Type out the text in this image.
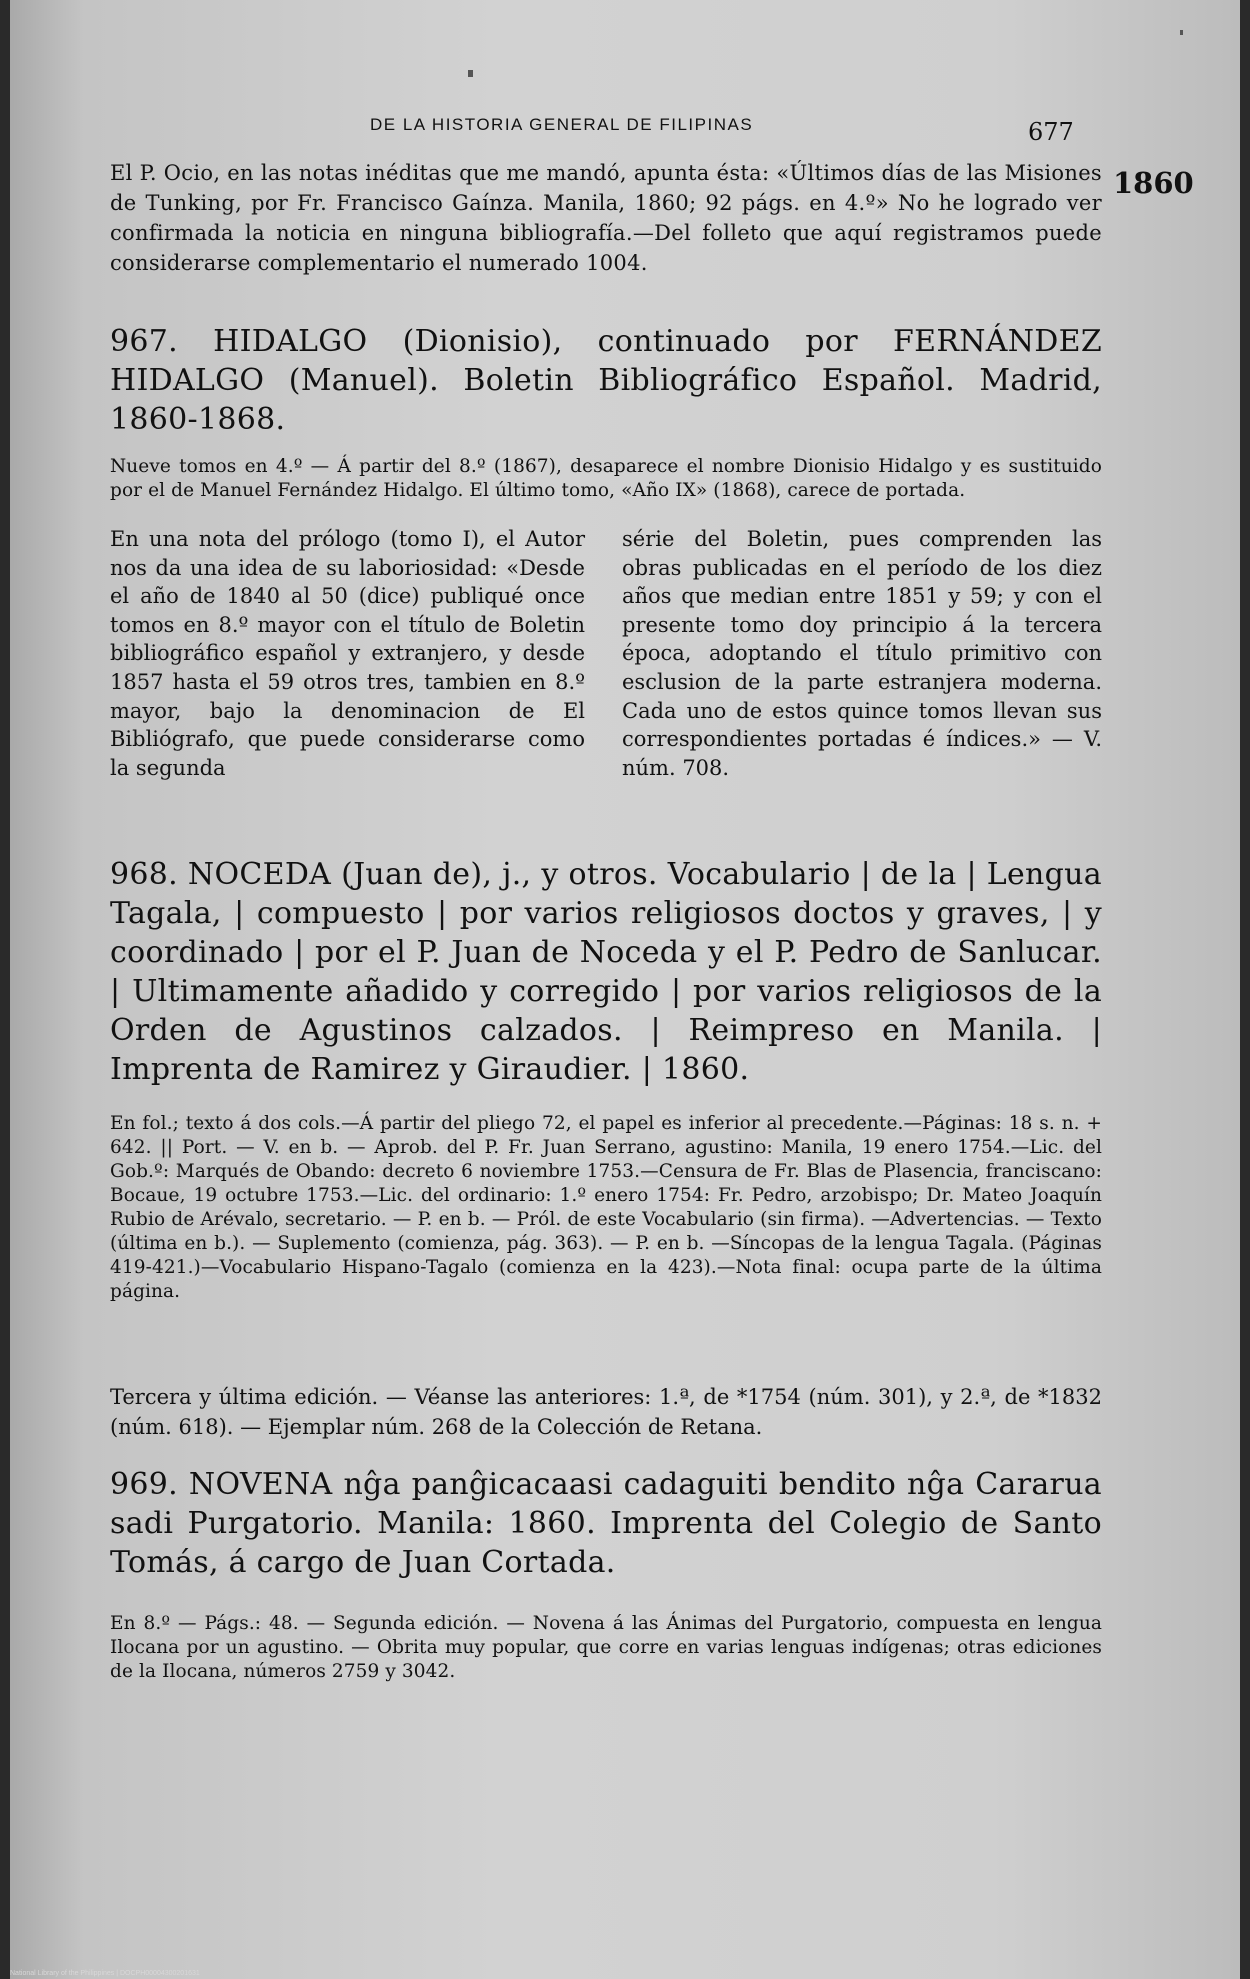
DE LA HISTORIA GENERAL DE FILIPINAS	677
1860

El P. Ocio, en las notas inéditas que me mandó, apunta ésta: «Últimos días de las Misiones de Tunking, por Fr. Francisco Gaínza. Manila, 1860; 92 págs. en 4.º» No he logrado ver confirmada la noticia en ninguna bibliografía.—Del folleto que aquí registramos puede considerarse complementario el numerado 1004.

967. HIDALGO (Dionisio), continuado por FERNÁNDEZ HIDALGO (Manuel). Boletin Bibliográfico Español. Madrid, 1860-1868.

Nueve tomos en 4.º — Á partir del 8.º (1867), desaparece el nombre Dionisio Hidalgo y es sustituido por el de Manuel Fernández Hidalgo. El último tomo, «Año IX» (1868), carece de portada.

En una nota del prólogo (tomo I), el Autor nos da una idea de su laboriosidad: «Desde el año de 1840 al 50 (dice) publiqué once tomos en 8.º mayor con el título de Boletin bibliográfico español y extranjero, y desde 1857 hasta el 59 otros tres, tambien en 8.º mayor, bajo la denominacion de El Bibliógrafo, que puede considerarse como la segunda

série del Boletin, pues comprenden las obras publicadas en el período de los diez años que median entre 1851 y 59; y con el presente tomo doy principio á la tercera época, adoptando el título primitivo con esclusion de la parte estranjera moderna. Cada uno de estos quince tomos llevan sus correspondientes portadas é índices.» — V. núm. 708.

968. NOCEDA (Juan de), j., y otros. Vocabulario | de la | Lengua Tagala, | compuesto | por varios religiosos doctos y graves, | y coordinado | por el P. Juan de Noceda y el P. Pedro de Sanlucar. | Ultimamente añadido y corregido | por varios religiosos de la Orden de Agustinos calzados. | Reimpreso en Manila. | Imprenta de Ramirez y Giraudier. | 1860.

En fol.; texto á dos cols.—Á partir del pliego 72, el papel es inferior al precedente.—Páginas: 18 s. n. + 642. || Port. — V. en b. — Aprob. del P. Fr. Juan Serrano, agustino: Manila, 19 enero 1754.—Lic. del Gob.º: Marqués de Obando: decreto 6 noviembre 1753.—Censura de Fr. Blas de Plasencia, franciscano: Bocaue, 19 octubre 1753.—Lic. del ordinario: 1.º enero 1754: Fr. Pedro, arzobispo; Dr. Mateo Joaquín Rubio de Arévalo, secretario. — P. en b. — Pról. de este Vocabulario (sin firma). —Advertencias. — Texto (última en b.). — Suplemento (comienza, pág. 363). — P. en b. —Síncopas de la lengua Tagala. (Páginas 419-421.)—Vocabulario Hispano-Tagalo (comienza en la 423).—Nota final: ocupa parte de la última página.

Tercera y última edición. — Véanse las anteriores: 1.ª, de *1754 (núm. 301), y 2.ª, de *1832 (núm. 618). — Ejemplar núm. 268 de la Colección de Retana.

969. NOVENA nĝa panĝicacaasi cadaguiti bendito nĝa Cararua sadi Purgatorio. Manila: 1860. Imprenta del Colegio de Santo Tomás, á cargo de Juan Cortada.

En 8.º — Págs.: 48. — Segunda edición. — Novena á las Ánimas del Purgatorio, compuesta en lengua Ilocana por un agustino. — Obrita muy popular, que corre en varias lenguas indígenas; otras ediciones de la Ilocana, números 2759 y 3042.

National Library of the Philippines | DOCPH00004300201631
